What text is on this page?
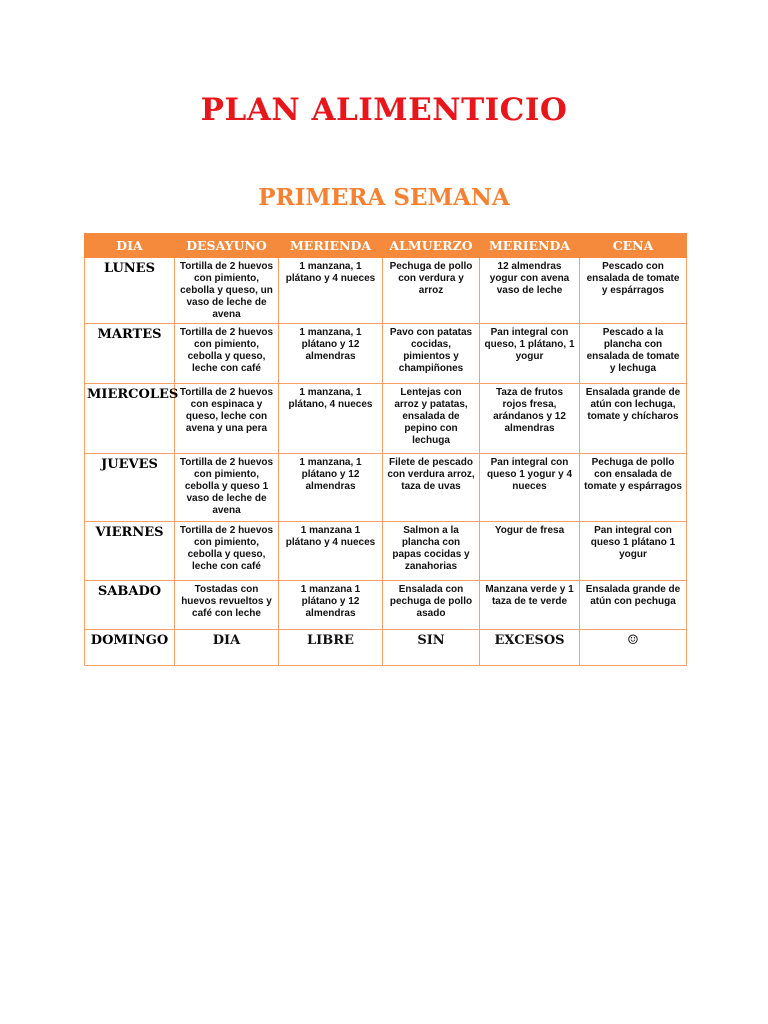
PLAN ALIMENTICIO
PRIMERA SEMANA
DIA	DESAYUNO	MERIENDA	ALMUERZO	MERIENDA	CENA
LUNES	Tortilla de 2 huevos con pimiento, cebolla y queso, un vaso de leche de avena	1 manzana, 1 plátano y 4 nueces	Pechuga de pollo con verdura y arroz	12 almendras yogur con avena vaso de leche	Pescado con ensalada de tomate y espárragos
MARTES	Tortilla de 2 huevos con pimiento, cebolla y queso, leche con café	1 manzana, 1 plátano y 12 almendras	Pavo con patatas cocidas, pimientos y champiñones	Pan integral con queso, 1 plátano, 1 yogur	Pescado a la plancha con ensalada de tomate y lechuga
MIERCOLES	Tortilla de 2 huevos con espinaca y queso, leche con avena y una pera	1 manzana, 1 plátano, 4 nueces	Lentejas con arroz y patatas, ensalada de pepino con lechuga	Taza de frutos rojos fresa, arándanos y 12 almendras	Ensalada grande de atún con lechuga, tomate y chícharos
JUEVES	Tortilla de 2 huevos con pimiento, cebolla y queso 1 vaso de leche de avena	1 manzana, 1 plátano y 12 almendras	Filete de pescado con verdura arroz, taza de uvas	Pan integral con queso 1 yogur y 4 nueces	Pechuga de pollo con ensalada de tomate y espárragos
VIERNES	Tortilla de 2 huevos con pimiento, cebolla y queso, leche con café	1 manzana 1 plátano y 4 nueces	Salmon a la plancha con papas cocidas y zanahorias	Yogur de fresa	Pan integral con queso 1 plátano 1 yogur
SABADO	Tostadas con huevos revueltos y café con leche	1 manzana 1 plátano y 12 almendras	Ensalada con pechuga de pollo asado	Manzana verde y 1 taza de te verde	Ensalada grande de atún con pechuga
DOMINGO	DIA	LIBRE	SIN	EXCESOS	☺
